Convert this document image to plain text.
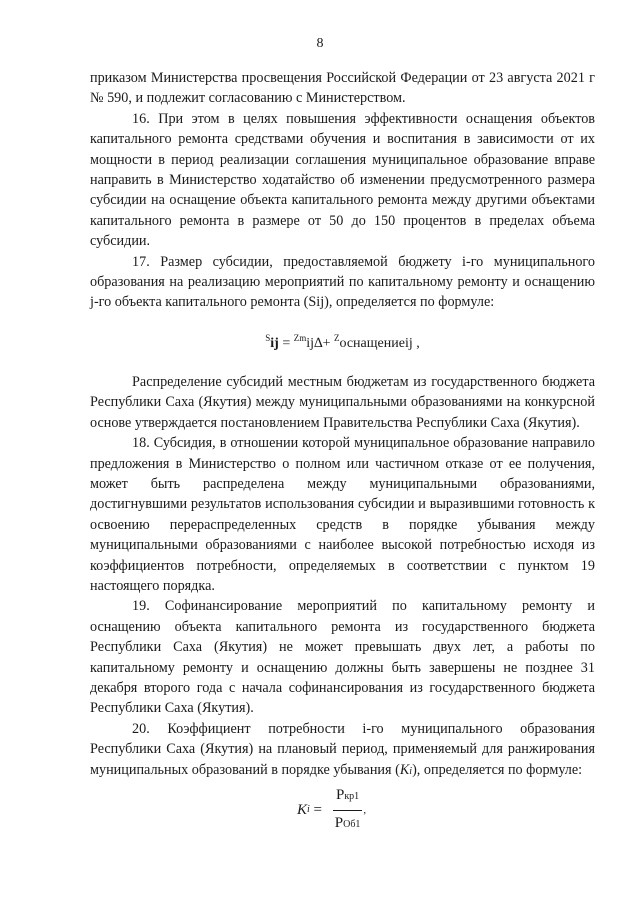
8

приказом Министерства просвещения Российской Федерации от 23 августа 2021 г № 590, и подлежит согласованию с Министерством.

16. При этом в целях повышения эффективности оснащения объектов капитального ремонта средствами обучения и воспитания в зависимости от их мощности в период реализации соглашения муниципальное образование вправе направить в Министерство ходатайство об изменении предусмотренного размера субсидии на оснащение объекта капитального ремонта между другими объектами капитального ремонта в размере от 50 до 150 процентов в пределах объема субсидии.

17. Размер субсидии, предоставляемой бюджету i-го муниципального образования на реализацию мероприятий по капитальному ремонту и оснащению j-го объекта капитального ремонта (Sij), определяется по формуле:

$^S$ij = $^{Zm}$ij∆+ $^Z$оснащениеij ,

Распределение субсидий местным бюджетам из государственного бюджета Республики Саха (Якутия) между муниципальными образованиями на конкурсной основе утверждается постановлением Правительства Республики Саха (Якутия).

18. Субсидия, в отношении которой муниципальное образование направило предложения в Министерство о полном или частичном отказе от ее получения, может быть распределена между муниципальными образованиями, достигнувшими результатов использования субсидии и выразившими готовность к освоению перераспределенных средств в порядке убывания между муниципальными образованиями с наиболее высокой потребностью исходя из коэффициентов потребности, определяемых в соответствии с пунктом 19 настоящего порядка.

19. Софинансирование мероприятий по капитальному ремонту и оснащению объекта капитального ремонта из государственного бюджета Республики Саха (Якутия) не может превышать двух лет, а работы по капитальному ремонту и оснащению должны быть завершены не позднее 31 декабря второго года с начала софинансирования из государственного бюджета Республики Саха (Якутия).

20. Коэффициент потребности i-го муниципального образования Республики Саха (Якутия) на плановый период, применяемый для ранжирования муниципальных образований в порядке убывания (Ki), определяется по формуле:

K $i = \frac{\text{Ркр1}}{\text{РОб1}}$ ,
